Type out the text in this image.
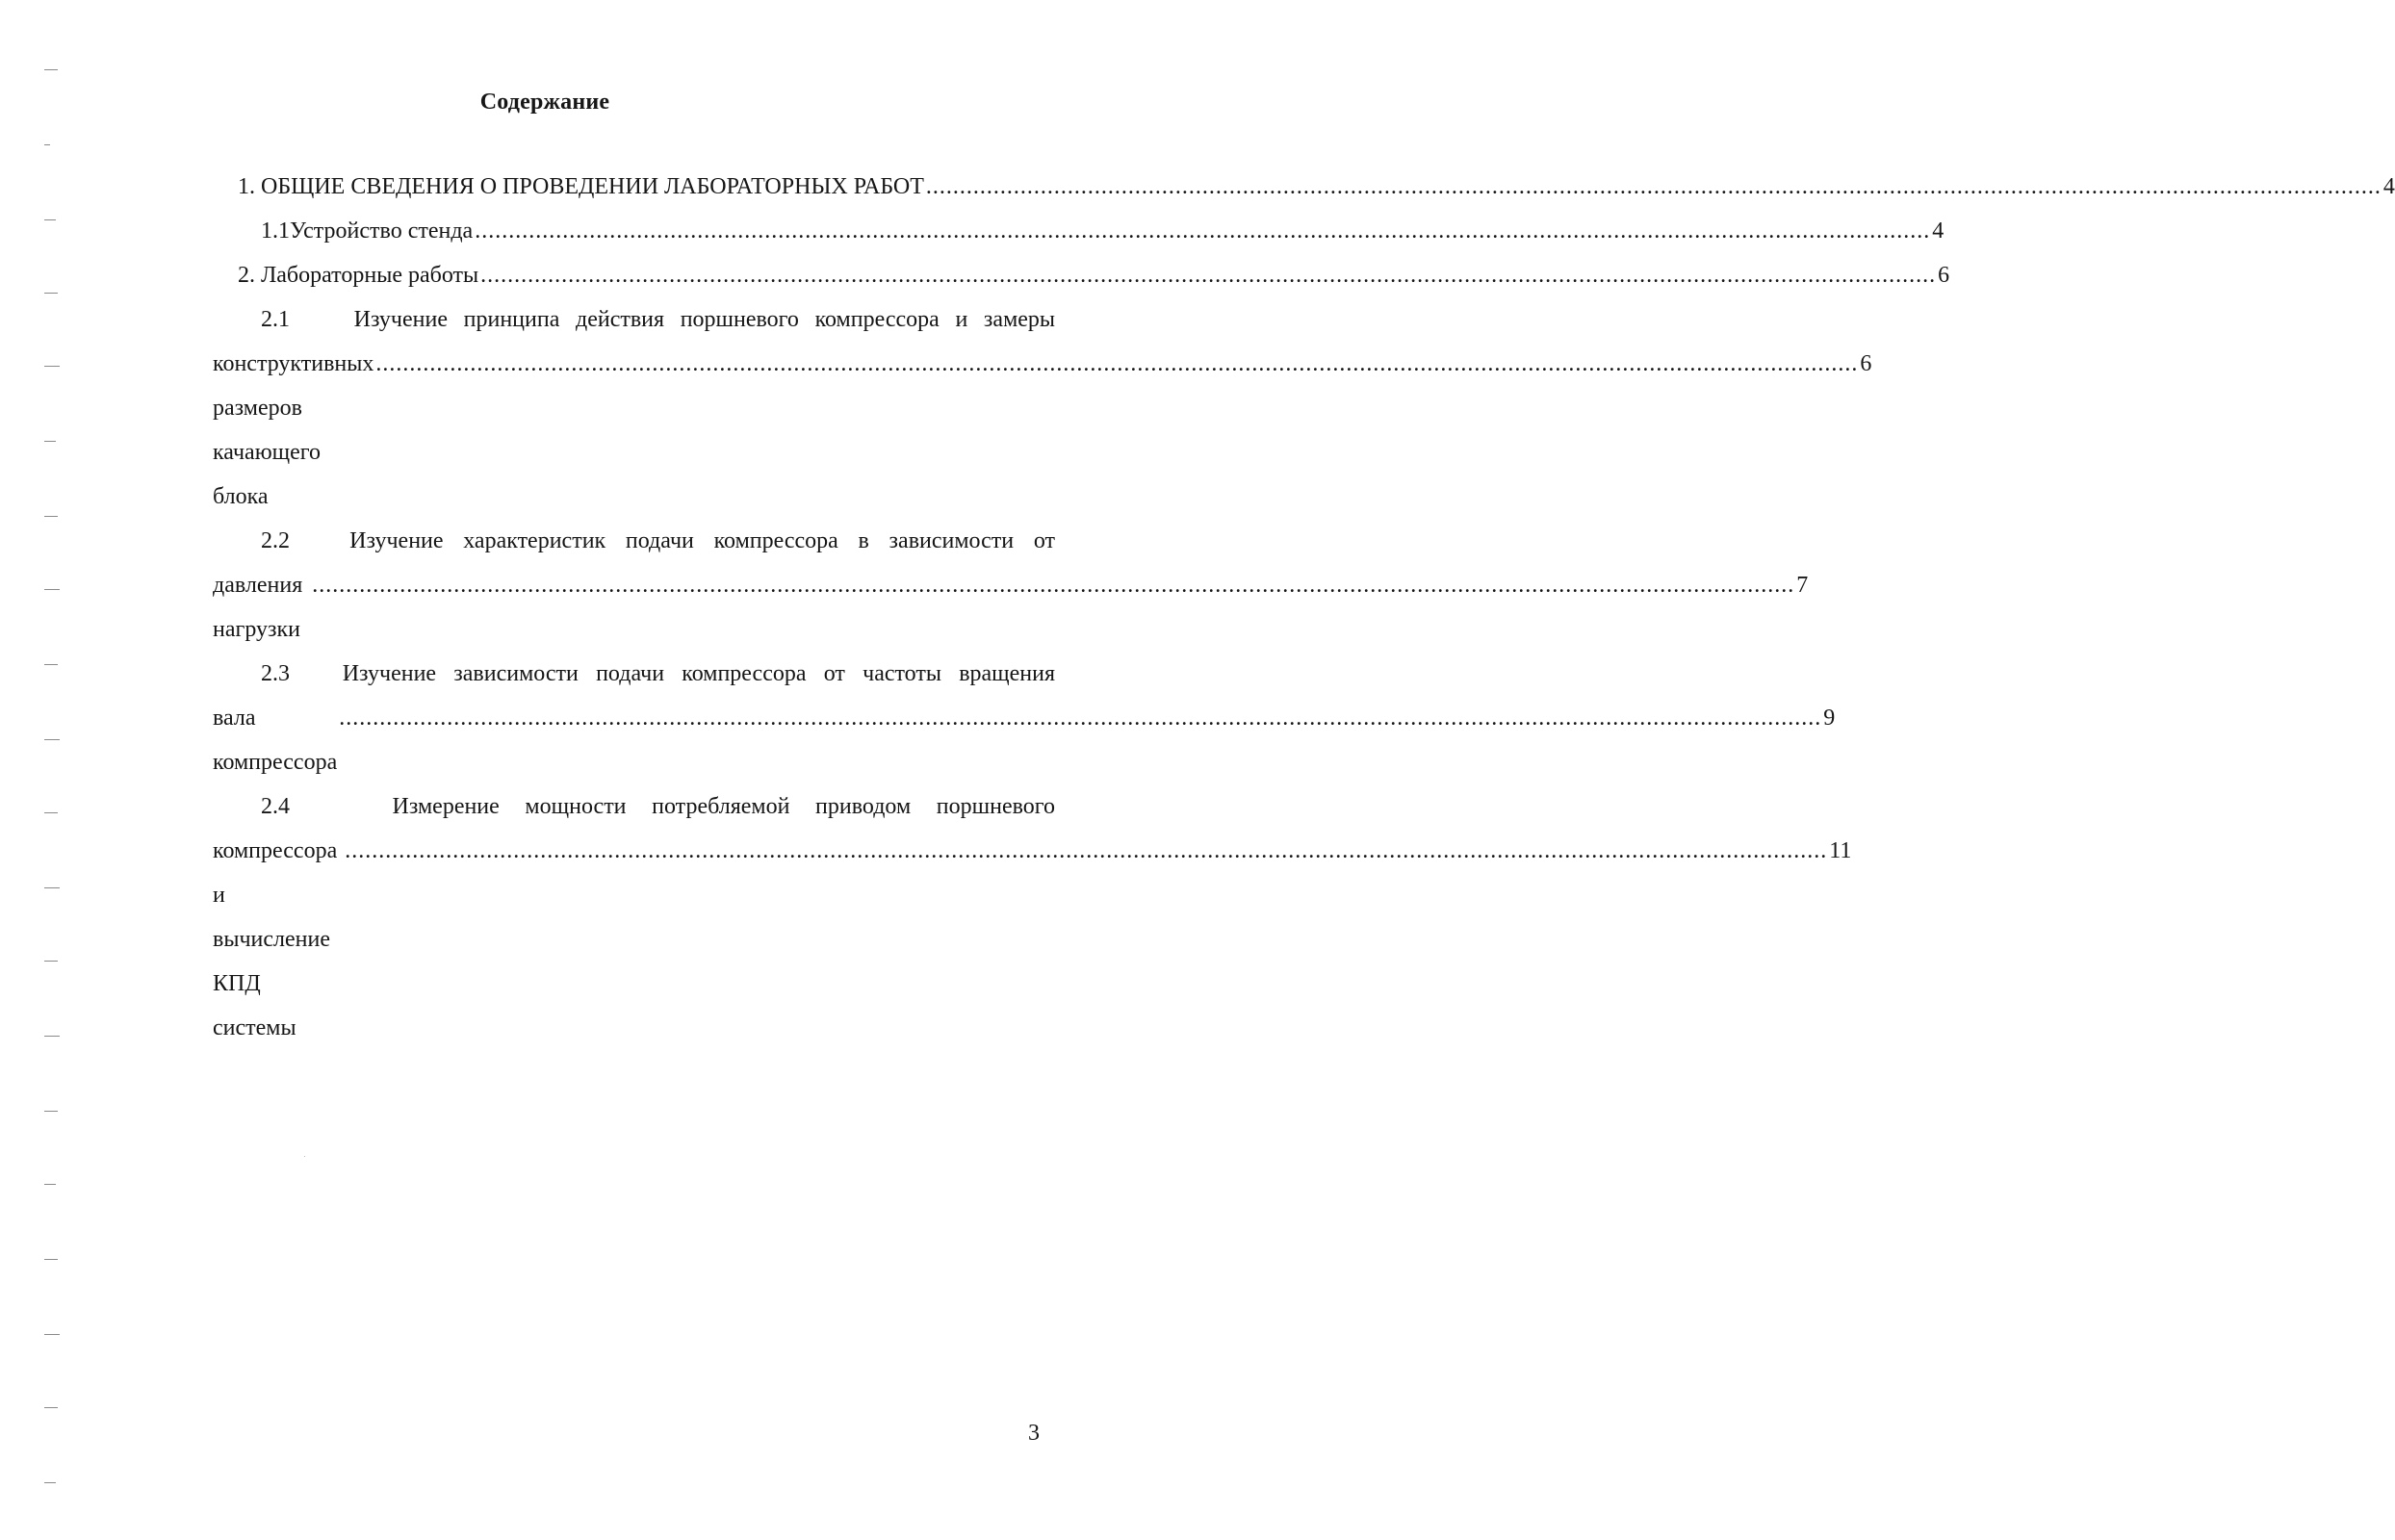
Содержание
1. ОБЩИЕ СВЕДЕНИЯ О ПРОВЕДЕНИИ ЛАБОРАТОРНЫХ РАБОТ .....	4
1.1 Устройство стенда .....	4
2. Лабораторные работы .....	6
2.1	Изучение принципа действия поршневого компрессора и замеры
конструктивных размеров качающего блока
............................................................................................................................................................................................................................ 6
2.2	Изучение характеристик подачи компрессора в зависимости от
давления нагрузки
............................................................................................................................................................................................................................ 7
2.3 Изучение зависимости подачи компрессора от частоты вращения
вала компрессора
............................................................................................................................................................................................................................ 9
2.4	Измерение мощности потребляемой приводом поршневого
компрессора и вычисление КПД системы
............................................................................................................................................................................................................................ 11
3
